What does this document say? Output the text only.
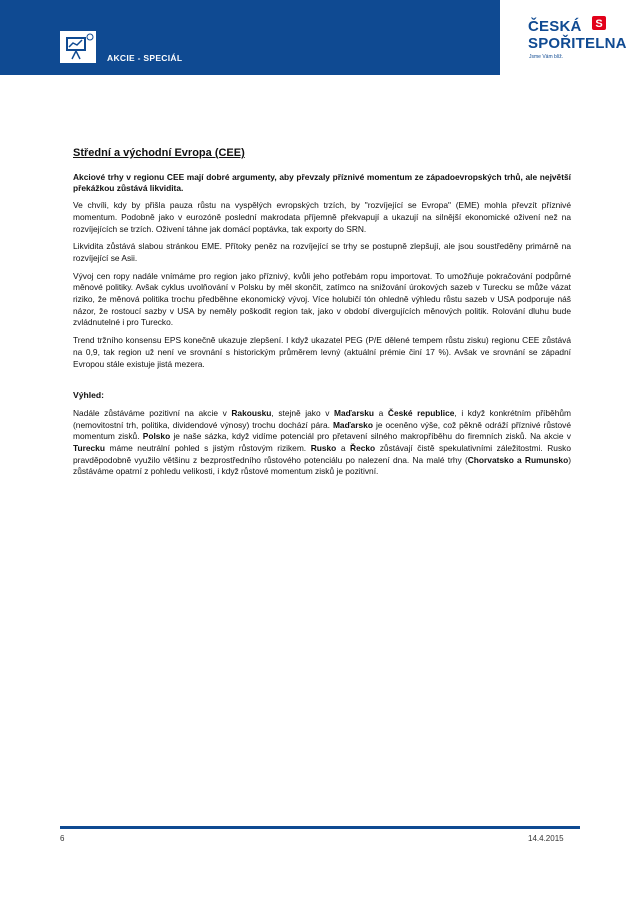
AKCIE - SPECIÁL
ČESKÁ
SPOŘITELNA
Jsme Vám blíž.
S
Střední a východní Evropa (CEE)

Akciové trhy v regionu CEE mají dobré argumenty, aby převzaly příznivé momentum ze západoevropských trhů, ale největší překážkou zůstává likvidita.

Ve chvíli, kdy by přišla pauza růstu na vyspělých evropských trzích, by "rozvíjející se Evropa" (EME) mohla převzít příznivé momentum. Podobně jako v eurozóně poslední makrodata příjemně překvapují a ukazují na silnější ekonomické oživení než na rozvíjejících se trzích. Oživení táhne jak domácí poptávka, tak exporty do SRN.

Likvidita zůstává slabou stránkou EME. Přítoky peněz na rozvíjející se trhy se postupně zlepšují, ale jsou soustředěny primárně na rozvíjející se Asii.

Vývoj cen ropy nadále vnímáme pro region jako příznivý, kvůli jeho potřebám ropu importovat. To umožňuje pokračování podpůrné měnové politiky. Avšak cyklus uvolňování v Polsku by měl skončit, zatímco na snižování úrokových sazeb v Turecku se může vázat riziko, že měnová politika trochu předběhne ekonomický vývoj. Více holubičí tón ohledně výhledu růstu sazeb v USA podporuje náš názor, že rostoucí sazby v USA by neměly poškodit region tak, jako v období divergujících měnových politik. Rolování dluhu bude zvládnutelné i pro Turecko.

Trend tržního konsensu EPS konečně ukazuje zlepšení. I když ukazatel PEG (P/E dělené tempem růstu zisku) regionu CEE zůstává na 0,9, tak region už není ve srovnání s historickým průměrem levný (aktuální prémie činí 17 %). Avšak ve srovnání se západní Evropou stále existuje jistá mezera.

Výhled:

Nadále zůstáváme pozitivní na akcie v Rakousku, stejně jako v Maďarsku a České republice, i když konkrétním příběhům (nemovitostní trh, politika, dividendové výnosy) trochu dochází pára. Maďarsko je oceněno výše, což pěkně odráží příznivé růstové momentum zisků. Polsko je naše sázka, když vidíme potenciál pro přetavení silného makropříběhu do firemních zisků. Na akcie v Turecku máme neutrální pohled s jistým růstovým rizikem. Rusko a Řecko zůstávají čistě spekulativními záležitostmi. Rusko pravděpodobně využilo většinu z bezprostředního růstového potenciálu po nalezení dna. Na malé trhy (Chorvatsko a Rumunsko) zůstáváme opatrní z pohledu velikosti, i když růstové momentum zisků je pozitivní.

6	14.4.2015
